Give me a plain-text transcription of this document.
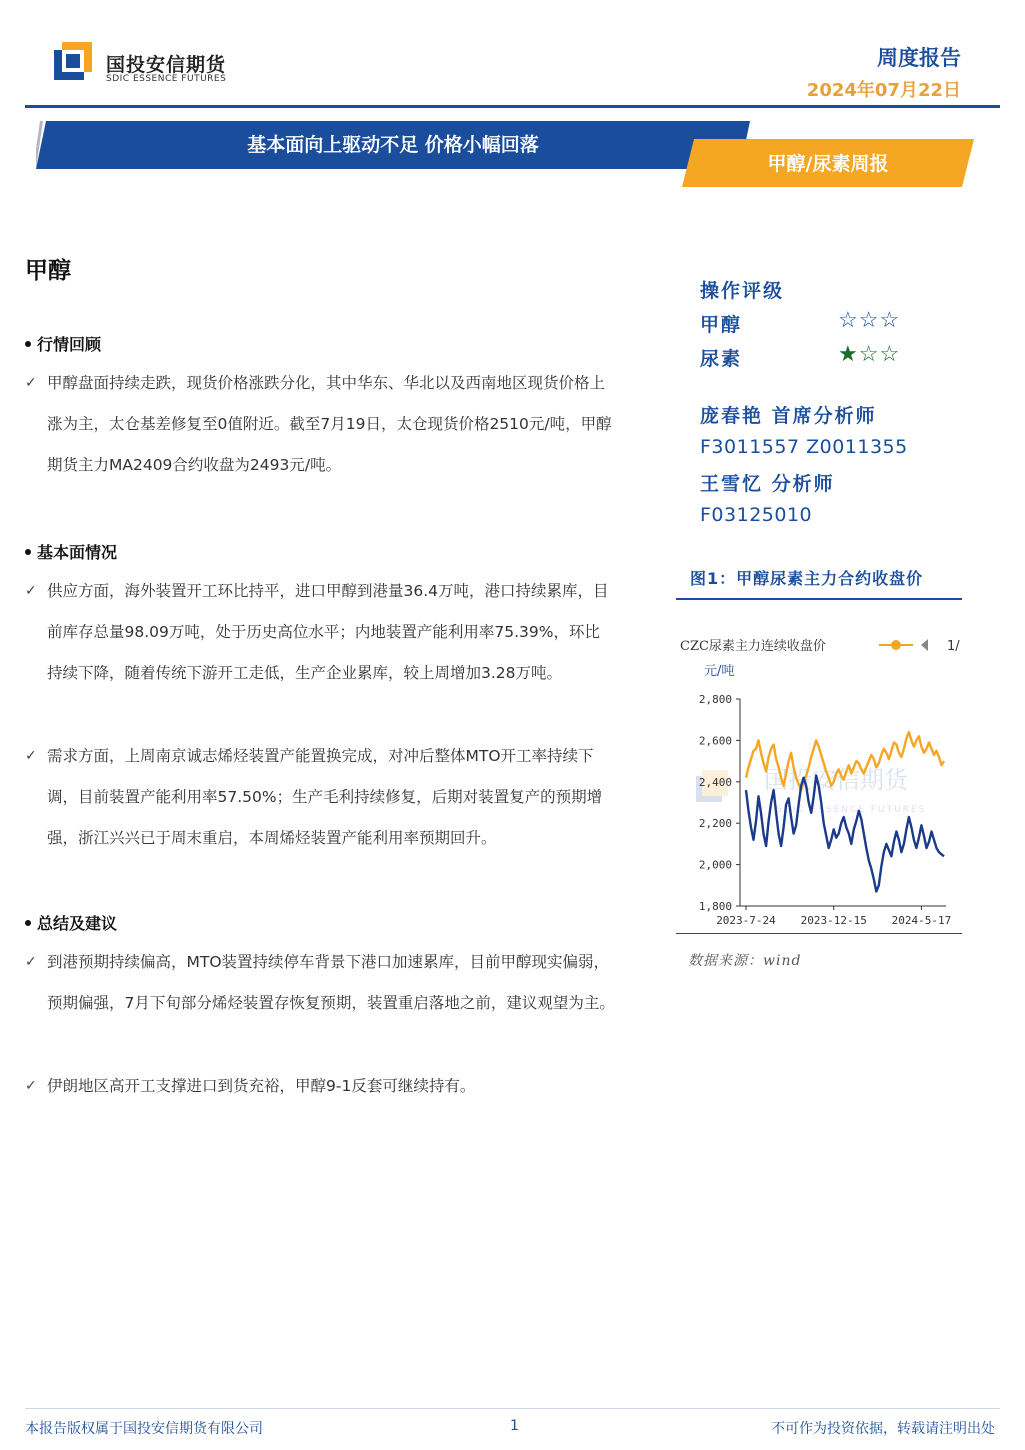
国投安信期货
SDIC ESSENCE FUTURES
周度报告
2024年07月22日
基本面向上驱动不足 价格小幅回落
甲醇/尿素周报
甲醇
行情回顾
✓ 甲醇盘面持续走跌，现货价格涨跌分化，其中华东、华北以及西南地区现货价格上涨为主，太仓基差修复至0值附近。截至7月19日，太仓现货价格2510元/吨，甲醇期货主力MA2409合约收盘为2493元/吨。
基本面情况
✓ 供应方面，海外装置开工环比持平，进口甲醇到港量36.4万吨，港口持续累库，目前库存总量98.09万吨，处于历史高位水平；内地装置产能利用率75.39%，环比持续下降，随着传统下游开工走低，生产企业累库，较上周增加3.28万吨。
✓ 需求方面，上周南京诚志烯烃装置产能置换完成，对冲后整体MTO开工率持续下调，目前装置产能利用率57.50%；生产毛利持续修复，后期对装置复产的预期增强，浙江兴兴已于周末重启，本周烯烃装置产能利用率预期回升。
总结及建议
✓ 到港预期持续偏高，MTO装置持续停车背景下港口加速累库，目前甲醇现实偏弱，预期偏强，7月下旬部分烯烃装置存恢复预期，装置重启落地之前，建议观望为主。
✓ 伊朗地区高开工支撑进口到货充裕，甲醇9-1反套可继续持有。
操作评级
甲醇	☆☆☆
尿素	★☆☆
庞春艳 首席分析师
F3011557 Z0011355
王雪忆 分析师
F03125010
图1：甲醇尿素主力合约收盘价
国投安信期货
SDIC ESSENCE FUTURES
CZC尿素主力连续收盘价	1/
元/吨
1,800
2,000
2,200
2,400
2,600
2,800
2023-7-24 2023-12-15 2024-5-17
数据来源：wind
本报告版权属于国投安信期货有限公司	1	不可作为投资依据，转载请注明出处
